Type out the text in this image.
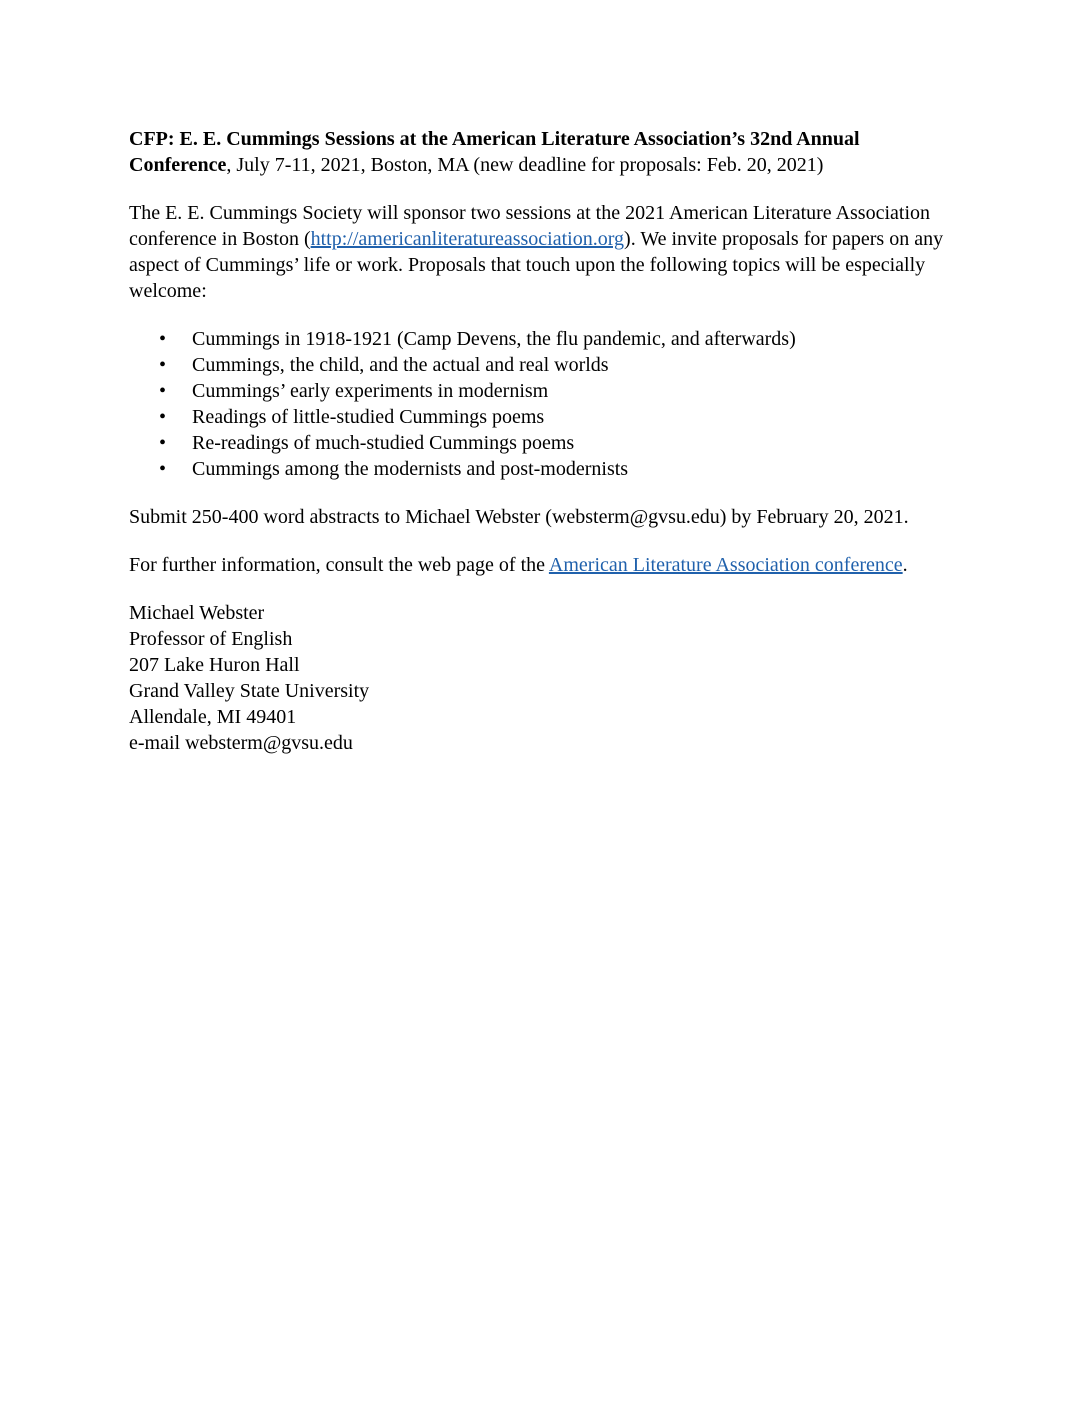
CFP: E. E. Cummings Sessions at the American Literature Association’s 32nd Annual Conference, July 7-11, 2021, Boston, MA (new deadline for proposals: Feb. 20, 2021)

The E. E. Cummings Society will sponsor two sessions at the 2021 American Literature Association conference in Boston (http://americanliteratureassociation.org). We invite proposals for papers on any aspect of Cummings’ life or work. Proposals that touch upon the following topics will be especially welcome:

• Cummings in 1918-1921 (Camp Devens, the flu pandemic, and afterwards)
• Cummings, the child, and the actual and real worlds
• Cummings’ early experiments in modernism
• Readings of little-studied Cummings poems
• Re-readings of much-studied Cummings poems
• Cummings among the modernists and post-modernists

Submit 250-400 word abstracts to Michael Webster (websterm@gvsu.edu) by February 20, 2021.

For further information, consult the web page of the American Literature Association conference.

Michael Webster
Professor of English
207 Lake Huron Hall
Grand Valley State University
Allendale, MI 49401
e-mail websterm@gvsu.edu
